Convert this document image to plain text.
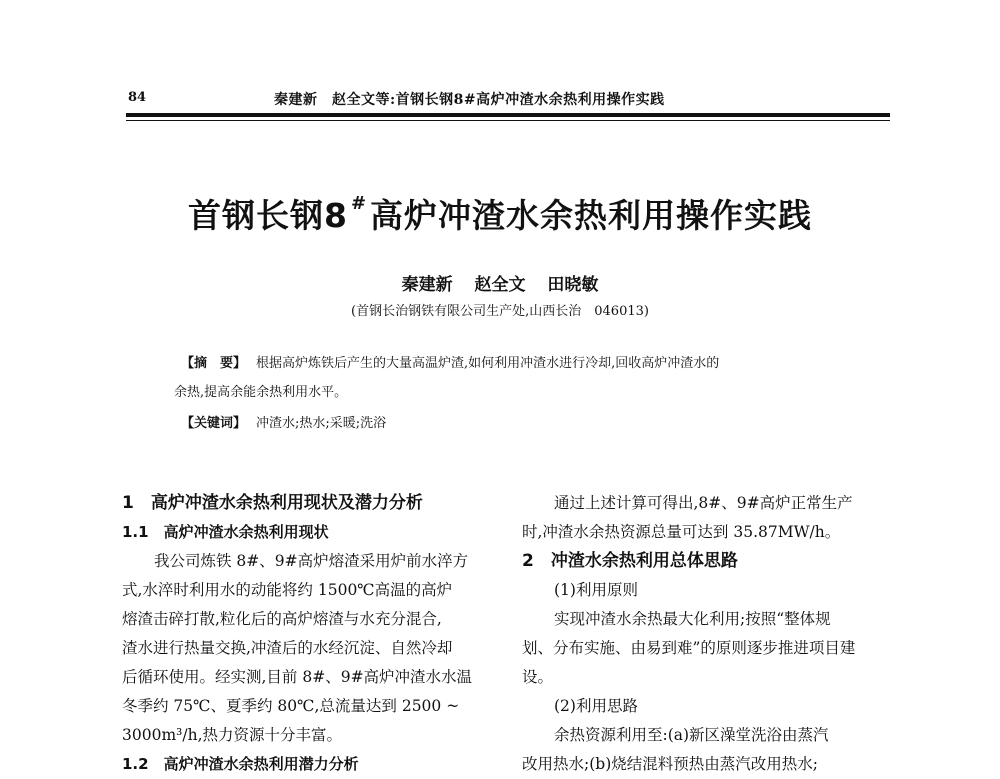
84	秦建新　赵全文等:首钢长钢8#高炉冲渣水余热利用操作实践
首钢长钢8 #高炉冲渣水余热利用操作实践
秦建新 赵全文 田晓敏
(首钢长治钢铁有限公司生产处,山西长治　046013)
【摘　要】 根据高炉炼铁后产生的大量高温炉渣,如何利用冲渣水进行冷却,回收高炉冲渣水的
余热,提高余能余热利用水平。
【关键词】 冲渣水;热水;采暖;洗浴

1　高炉冲渣水余热利用现状及潜力分析

1.1　高炉冲渣水余热利用现状

我公司炼铁 8#、9#高炉熔渣采用炉前水淬方

式,水淬时利用水的动能将约 1500℃高温的高炉

熔渣击碎打散,粒化后的高炉熔渣与水充分混合,

渣水进行热量交换,冲渣后的水经沉淀、自然冷却

后循环使用。经实测,目前 8#、9#高炉冲渣水水温

冬季约 75℃、夏季约 80℃,总流量达到 2500 ~

3000m³/h,热力资源十分丰富。

1.2　高炉冲渣水余热利用潜力分析

通过上述计算可得出,8#、9#高炉正常生产

时,冲渣水余热资源总量可达到 35.87MW/h。

2　冲渣水余热利用总体思路

(1)利用原则

实现冲渣水余热最大化利用;按照“整体规

划、分布实施、由易到难”的原则逐步推进项目建

设。

(2)利用思路

余热资源利用至:(a)新区澡堂洗浴由蒸汽

改用热水;(b)烧结混料预热由蒸汽改用热水;
